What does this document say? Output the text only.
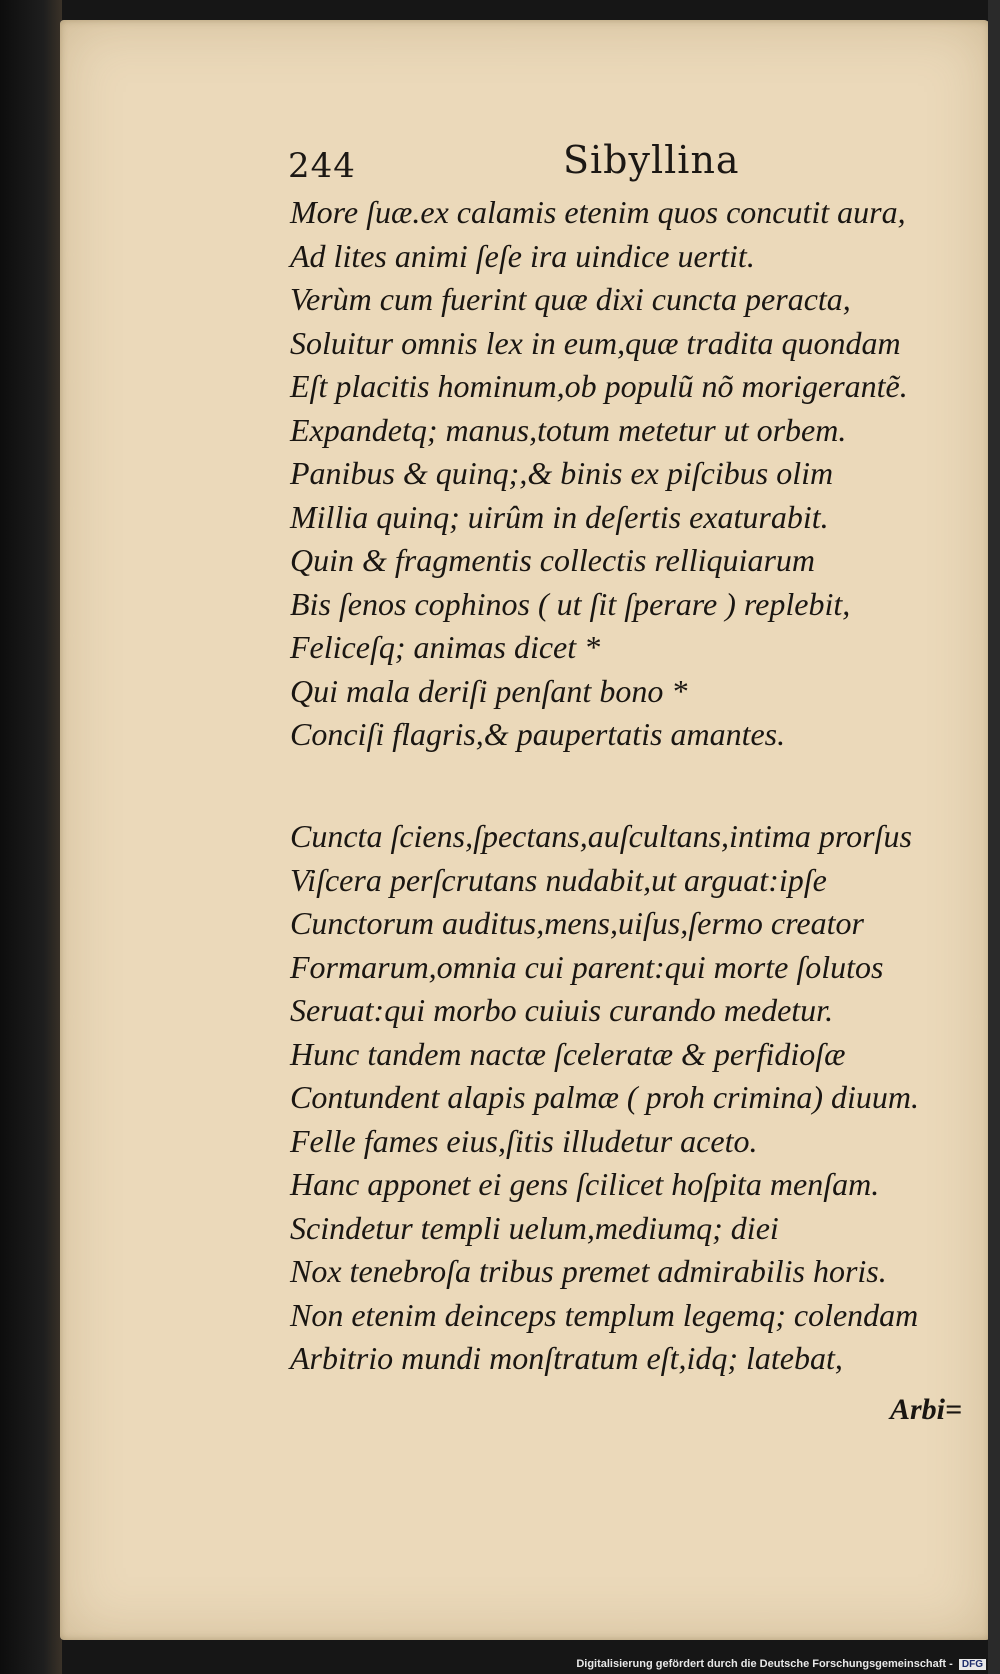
244	Sibyllina
More ſuæ.ex calamis etenim quos concutit aura,
Ad lites animi ſeſe ira uindice uertit.
Verùm cum fuerint quæ dixi cuncta peracta,
Soluitur omnis lex in eum,quæ tradita quondam
Eſt placitis hominum,ob populũ nõ morigerantẽ.
Expandetq; manus,totum metetur ut orbem.
Panibus & quinq;,& binis ex piſcibus olim
Millia quinq; uirûm in deſertis exaturabit.
Quin & fragmentis collectis relliquiarum
Bis ſenos cophinos ( ut ſit ſperare ) replebit,
Feliceſq; animas dicet *
Qui mala deriſi penſant bono *
Conciſi flagris,& paupertatis amantes.
Cuncta ſciens,ſpectans,auſcultans,intima prorſus
Viſcera perſcrutans nudabit,ut arguat:ipſe
Cunctorum auditus,mens,uiſus,ſermo creator
Formarum,omnia cui parent:qui morte ſolutos
Seruat:qui morbo cuiuis curando medetur.
Hunc tandem nactæ ſceleratæ & perfidioſæ
Contundent alapis palmæ ( proh crimina) diuum.
Felle fames eius,ſitis illudetur aceto.
Hanc apponet ei gens ſcilicet hoſpita menſam.
Scindetur templi uelum,mediumq; diei
Nox tenebroſa tribus premet admirabilis horis.
Non etenim deinceps templum legemq; colendam
Arbitrio mundi monſtratum eſt,idq; latebat,
Arbi=
Digitalisierung gefördert durch die Deutsche Forschungsgemeinschaft - DFG
